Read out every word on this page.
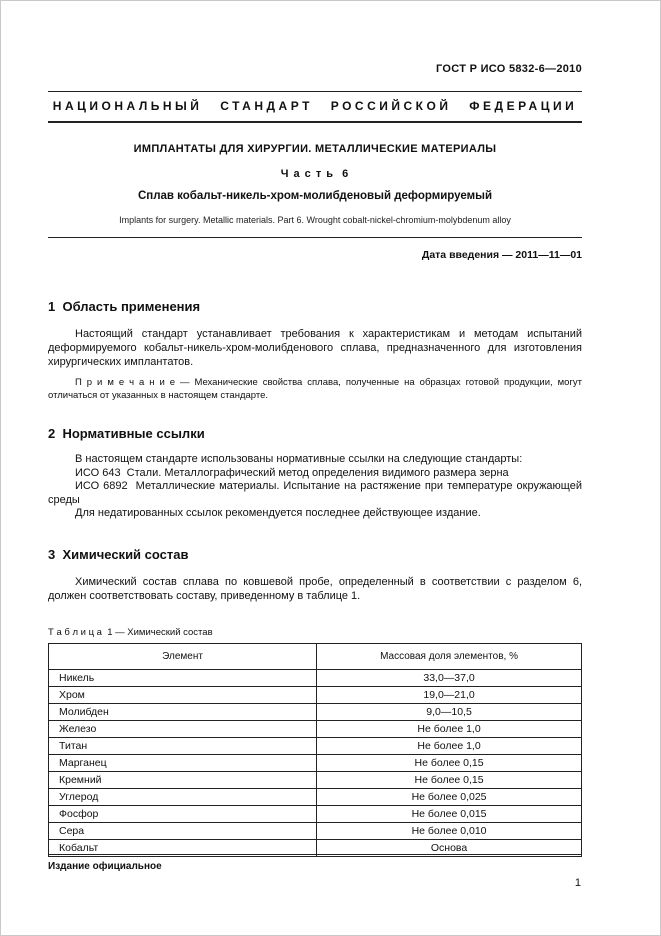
ГОСТ Р ИСО 5832-6—2010
НАЦИОНАЛЬНЫЙ СТАНДАРТ РОССИЙСКОЙ ФЕДЕРАЦИИ
ИМПЛАНТАТЫ ДЛЯ ХИРУРГИИ. МЕТАЛЛИЧЕСКИЕ МАТЕРИАЛЫ
Ч а с т ь  6
Сплав кобальт-никель-хром-молибденовый деформируемый
Implants for surgery. Metallic materials. Part 6. Wrought cobalt-nickel-chromium-molybdenum alloy
Дата введения — 2011—11—01
1  Область применения

Настоящий стандарт устанавливает требования к характеристикам и методам испытаний деформируемого кобальт-никель-хром-молибденового сплава, предназначенного для изготовления хирургических имплантатов.

П р и м е ч а н и е — Механические свойства сплава, полученные на образцах готовой продукции, могут отличаться от указанных в настоящем стандарте.

2  Нормативные ссылки

В настоящем стандарте использованы нормативные ссылки на следующие стандарты:

ИСО 643  Стали. Металлографический метод определения видимого размера зерна

ИСО 6892  Металлические материалы. Испытание на растяжение при температуре окружающей среды

Для недатированных ссылок рекомендуется последнее действующее издание.

3  Химический состав

Химический состав сплава по ковшевой пробе, определенный в соответствии с разделом 6, должен соответствовать составу, приведенному в таблице 1.

Т а б л и ц а  1 — Химический состав
Элемент	Массовая доля элементов, %
Никель	33,0—37,0
Хром	19,0—21,0
Молибден	9,0—10,5
Железо	Не более 1,0
Титан	Не более 1,0
Марганец	Не более 0,15
Кремний	Не более 0,15
Углерод	Не более 0,025
Фосфор	Не более 0,015
Сера	Не более 0,010
Кобальт	Основа
Издание официальное
1
